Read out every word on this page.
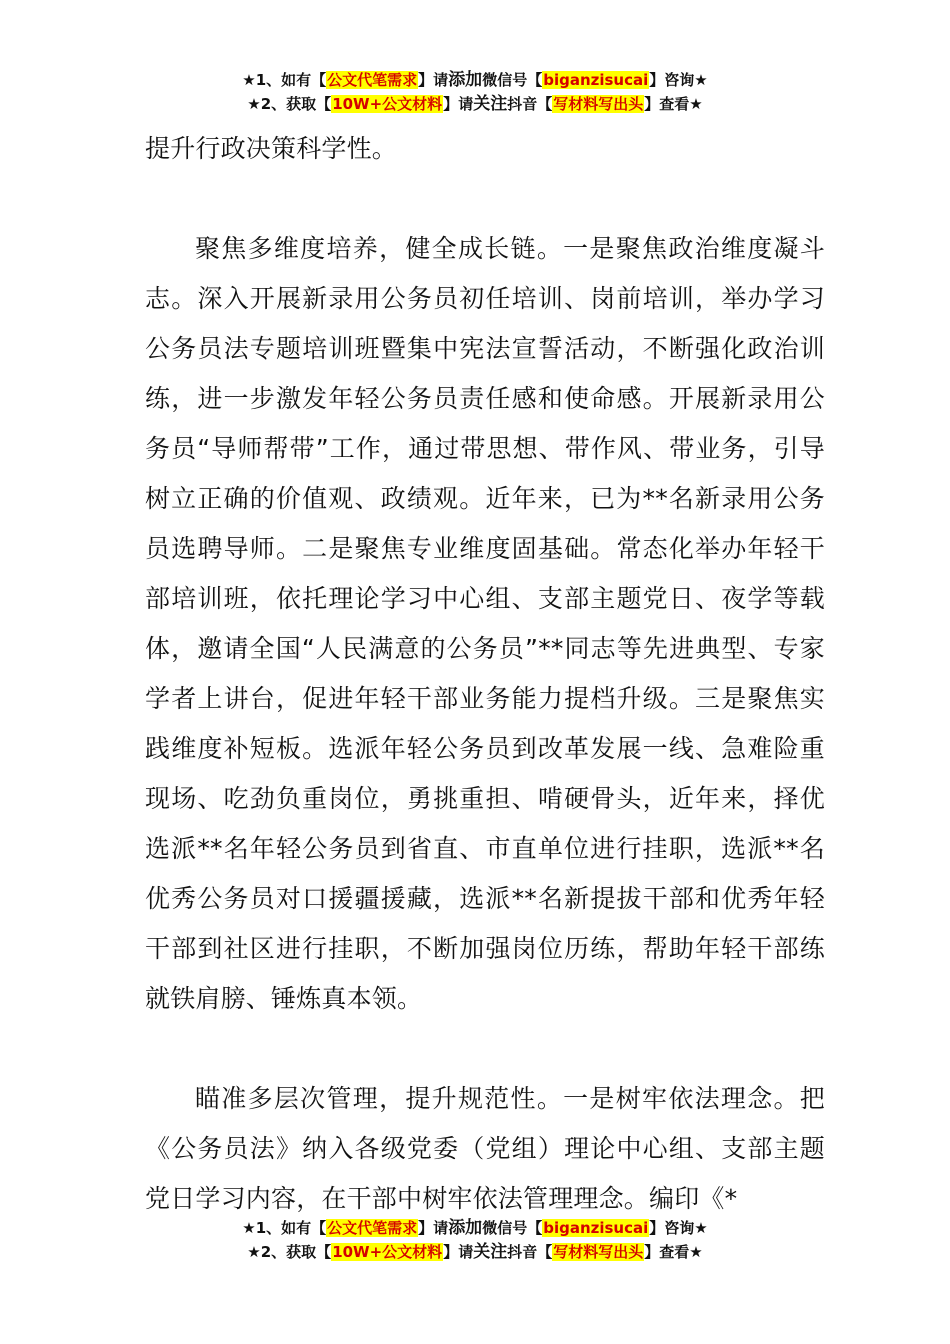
★1、如有【公文代笔需求】请添加微信号【biganzisucai】咨询★
★2、获取【10W+公文材料】请关注抖音【写材料写出头】查看★

提升行政决策科学性。

聚焦多维度培养，健全成长链。一是聚焦政治维度凝斗志。深入开展新录用公务员初任培训、岗前培训，举办学习公务员法专题培训班暨集中宪法宣誓活动，不断强化政治训练，进一步激发年轻公务员责任感和使命感。开展新录用公务员“导师帮带”工作，通过带思想、带作风、带业务，引导树立正确的价值观、政绩观。近年来，已为**名新录用公务员选聘导师。二是聚焦专业维度固基础。常态化举办年轻干部培训班，依托理论学习中心组、支部主题党日、夜学等载体，邀请全国“人民满意的公务员”**同志等先进典型、专家学者上讲台，促进年轻干部业务能力提档升级。三是聚焦实践维度补短板。选派年轻公务员到改革发展一线、急难险重现场、吃劲负重岗位，勇挑重担、啃硬骨头，近年来，择优选派**名年轻公务员到省直、市直单位进行挂职，选派**名优秀公务员对口援疆援藏，选派**名新提拔干部和优秀年轻干部到社区进行挂职，不断加强岗位历练，帮助年轻干部练就铁肩膀、锤炼真本领。

瞄准多层次管理，提升规范性。一是树牢依法理念。把《公务员法》纳入各级党委（党组）理论中心组、支部主题党日学习内容，在干部中树牢依法管理理念。编印《*

★1、如有【公文代笔需求】请添加微信号【biganzisucai】咨询★
★2、获取【10W+公文材料】请关注抖音【写材料写出头】查看★
